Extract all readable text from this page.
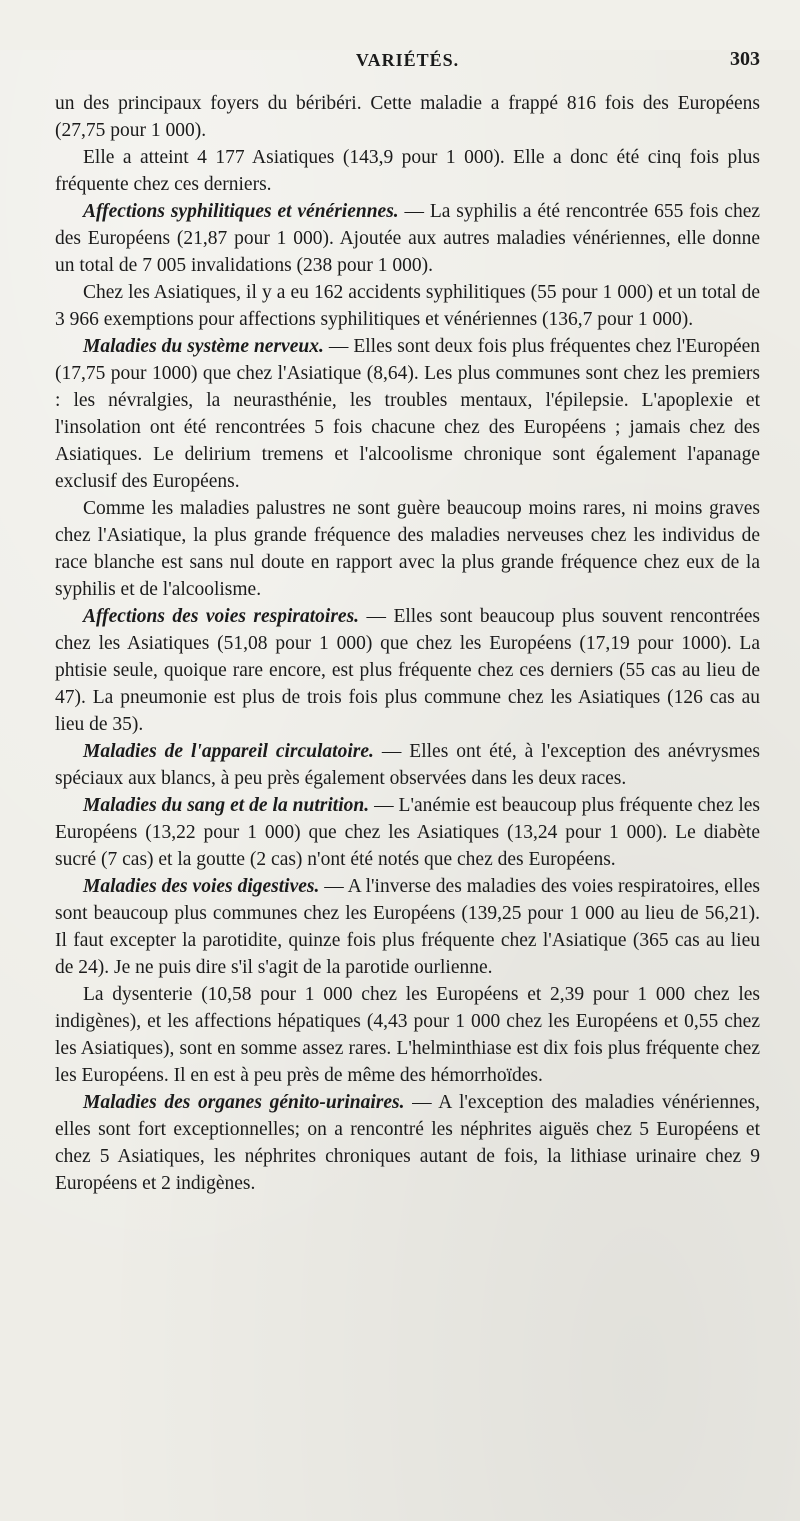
VARIÉTÉS.	303

un des principaux foyers du béribéri. Cette maladie a frappé 816 fois des Européens (27,75 pour 1 000).

Elle a atteint 4 177 Asiatiques (143,9 pour 1 000). Elle a donc été cinq fois plus fréquente chez ces derniers.

Affections syphilitiques et vénériennes. — La syphilis a été rencontrée 655 fois chez des Européens (21,87 pour 1 000). Ajoutée aux autres maladies vénériennes, elle donne un total de 7 005 invalidations (238 pour 1 000).

Chez les Asiatiques, il y a eu 162 accidents syphilitiques (55 pour 1 000) et un total de 3 966 exemptions pour affections syphilitiques et vénériennes (136,7 pour 1 000).

Maladies du système nerveux. — Elles sont deux fois plus fréquentes chez l'Européen (17,75 pour 1000) que chez l'Asiatique (8,64). Les plus communes sont chez les premiers : les névralgies, la neurasthénie, les troubles mentaux, l'épilepsie. L'apoplexie et l'insolation ont été rencontrées 5 fois chacune chez des Européens ; jamais chez des Asiatiques. Le delirium tremens et l'alcoolisme chronique sont également l'apanage exclusif des Européens.

Comme les maladies palustres ne sont guère beaucoup moins rares, ni moins graves chez l'Asiatique, la plus grande fréquence des maladies nerveuses chez les individus de race blanche est sans nul doute en rapport avec la plus grande fréquence chez eux de la syphilis et de l'alcoolisme.

Affections des voies respiratoires. — Elles sont beaucoup plus souvent rencontrées chez les Asiatiques (51,08 pour 1 000) que chez les Européens (17,19 pour 1000). La phtisie seule, quoique rare encore, est plus fréquente chez ces derniers (55 cas au lieu de 47). La pneumonie est plus de trois fois plus commune chez les Asiatiques (126 cas au lieu de 35).

Maladies de l'appareil circulatoire. — Elles ont été, à l'exception des anévrysmes spéciaux aux blancs, à peu près également observées dans les deux races.

Maladies du sang et de la nutrition. — L'anémie est beaucoup plus fréquente chez les Européens (13,22 pour 1 000) que chez les Asiatiques (13,24 pour 1 000). Le diabète sucré (7 cas) et la goutte (2 cas) n'ont été notés que chez des Européens.

Maladies des voies digestives. — A l'inverse des maladies des voies respiratoires, elles sont beaucoup plus communes chez les Européens (139,25 pour 1 000 au lieu de 56,21). Il faut excepter la parotidite, quinze fois plus fréquente chez l'Asiatique (365 cas au lieu de 24). Je ne puis dire s'il s'agit de la parotide ourlienne.

La dysenterie (10,58 pour 1 000 chez les Européens et 2,39 pour 1 000 chez les indigènes), et les affections hépatiques (4,43 pour 1 000 chez les Européens et 0,55 chez les Asiatiques), sont en somme assez rares. L'helminthiase est dix fois plus fréquente chez les Européens. Il en est à peu près de même des hémorrhoïdes.

Maladies des organes génito-urinaires. — A l'exception des maladies vénériennes, elles sont fort exceptionnelles; on a rencontré les néphrites aiguës chez 5 Européens et chez 5 Asiatiques, les néphrites chroniques autant de fois, la lithiase urinaire chez 9 Européens et 2 indigènes.
